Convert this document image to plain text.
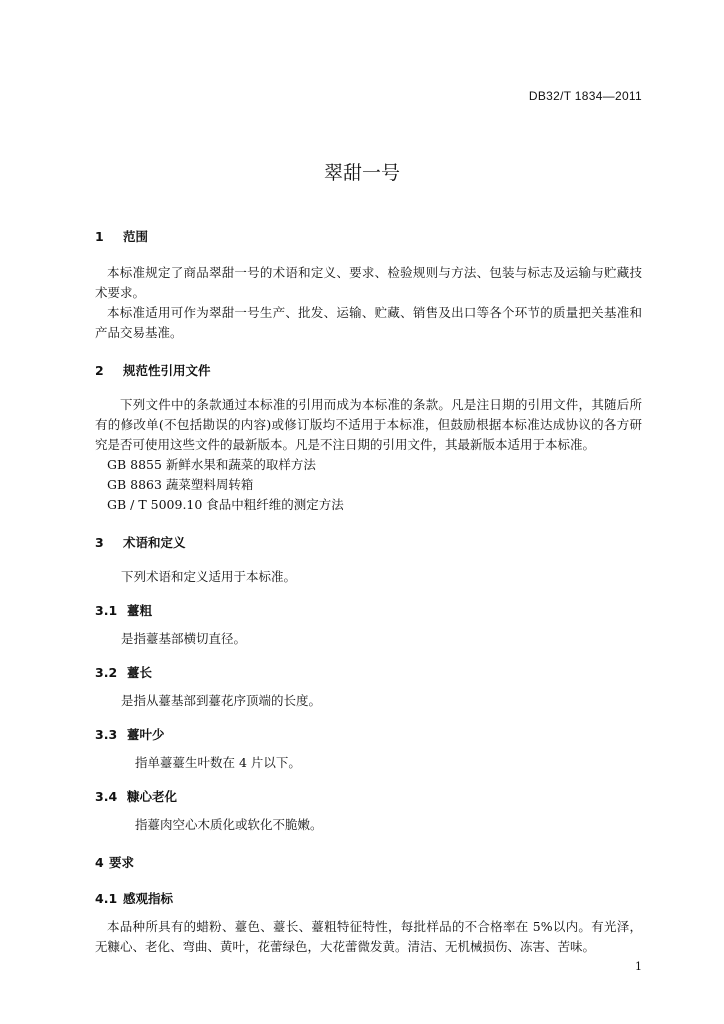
DB32/T 1834—2011
翠甜一号
1 范围
本标准规定了商品翠甜一号的术语和定义、要求、检验规则与方法、包装与标志及运输与贮藏技术要求。
本标准适用可作为翠甜一号生产、批发、运输、贮藏、销售及出口等各个环节的质量把关基准和产品交易基准。
2 规范性引用文件
下列文件中的条款通过本标准的引用而成为本标准的条款。凡是注日期的引用文件，其随后所有的修改单(不包括勘误的内容)或修订版均不适用于本标准，但鼓励根据本标准达成协议的各方研究是否可使用这些文件的最新版本。凡是不注日期的引用文件，其最新版本适用于本标准。
GB 8855 新鲜水果和蔬菜的取样方法
GB 8863 蔬菜塑料周转箱
GB / T 5009.10 食品中粗纤维的测定方法
3 术语和定义
下列术语和定义适用于本标准。
3.1 薹粗
是指薹基部横切直径。
3.2 薹长
是指从薹基部到薹花序顶端的长度。
3.3 薹叶少
指单薹薹生叶数在 4 片以下。
3.4 糠心老化
指薹肉空心木质化或软化不脆嫩。
4 要求
4.1 感观指标
本品种所具有的蜡粉、薹色、薹长、薹粗特征特性，每批样品的不合格率在 5%以内。有光泽，无糠心、老化、弯曲、黄叶，花蕾绿色，大花蕾微发黄。清洁、无机械损伤、冻害、苦味。
1
